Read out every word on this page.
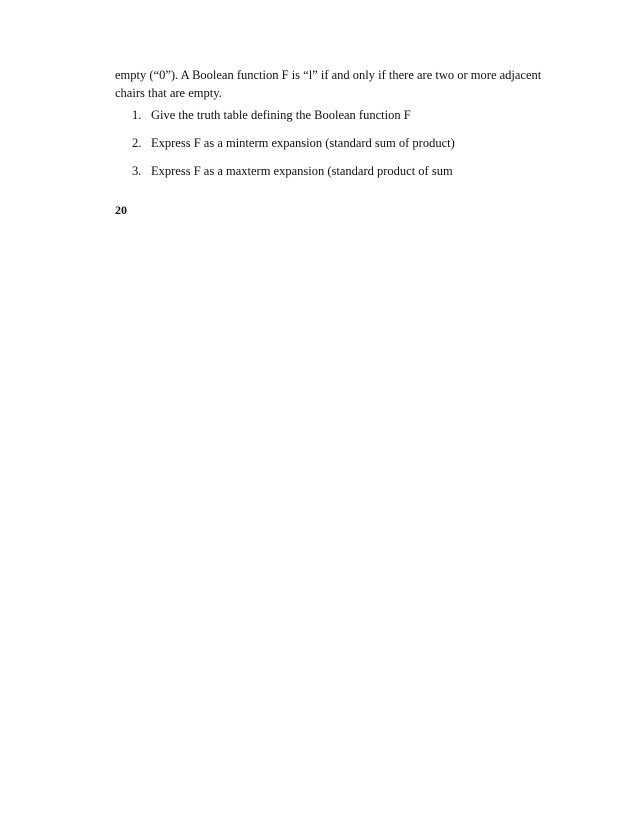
empty (“0”). A Boolean function F is “l” if and only if there are two or more adjacent
chairs that are empty.

1. Give the truth table defining the Boolean function F
2. Express F as a minterm expansion (standard sum of product)
3. Express F as a maxterm expansion (standard product of sum

20
